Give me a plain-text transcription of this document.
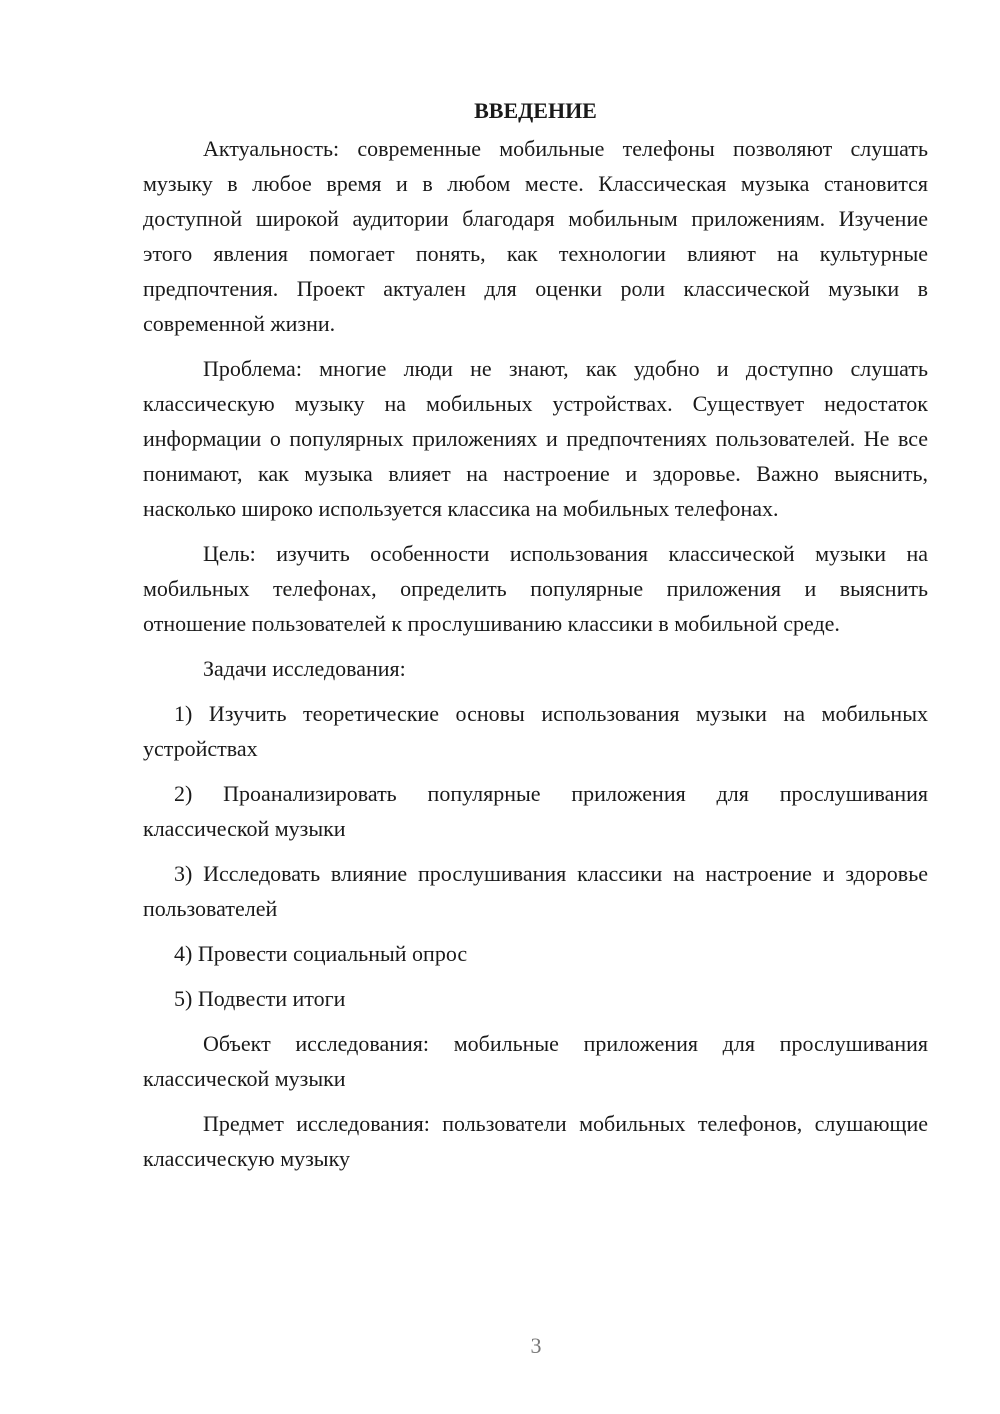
ВВЕДЕНИЕ

Актуальность: современные мобильные телефоны позволяют слушать музыку в любое время и в любом месте. Классическая музыка становится доступной широкой аудитории благодаря мобильным приложениям. Изучение этого явления помогает понять, как технологии влияют на культурные предпочтения. Проект актуален для оценки роли классической музыки в современной жизни.

Проблема: многие люди не знают, как удобно и доступно слушать классическую музыку на мобильных устройствах. Существует недостаток информации о популярных приложениях и предпочтениях пользователей. Не все понимают, как музыка влияет на настроение и здоровье. Важно выяснить, насколько широко используется классика на мобильных телефонах.

Цель: изучить особенности использования классической музыки на мобильных телефонах, определить популярные приложения и выяснить отношение пользователей к прослушиванию классики в мобильной среде.

Задачи исследования:

1) Изучить теоретические основы использования музыки на мобильных устройствах

2) Проанализировать популярные приложения для прослушивания классической музыки

3) Исследовать влияние прослушивания классики на настроение и здоровье пользователей

4) Провести социальный опрос

5) Подвести итоги

Объект исследования: мобильные приложения для прослушивания классической музыки

Предмет исследования: пользователи мобильных телефонов, слушающие классическую музыку

3
